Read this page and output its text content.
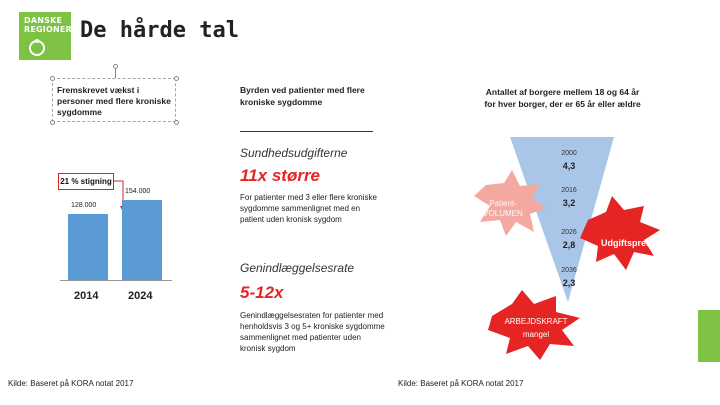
DANSKE
REGIONER De hårde tal
Fremskrevet vækst i personer med flere kroniske sygdomme
21 % stigning
128.000
2014
154.000
2024
Byrden ved patienter med flere kroniske sygdomme
Sundhedsudgifterne
11x større
For patienter med 3 eller flere kroniske sygdomme sammenlignet med en patient uden kronisk sygdom
Genindlæggelsesrate
5-12x
Genindlæggelsesraten for patienter med henholdsvis 3 og 5+ kroniske sygdomme sammenlignet med patienter uden kronisk sygdom
Antallet af borgere mellem 18 og 64 år for hver borger, der er 65 år eller ældre
2000
4,3
2016
3,2
2026
2,8
2036
2,3
Patient-VOLUMEN
Udgiftspres
ARBEJDSKRAFT
mangel
Kilde: Baseret på KORA notat 2017	Kilde: Baseret på KORA notat 2017
